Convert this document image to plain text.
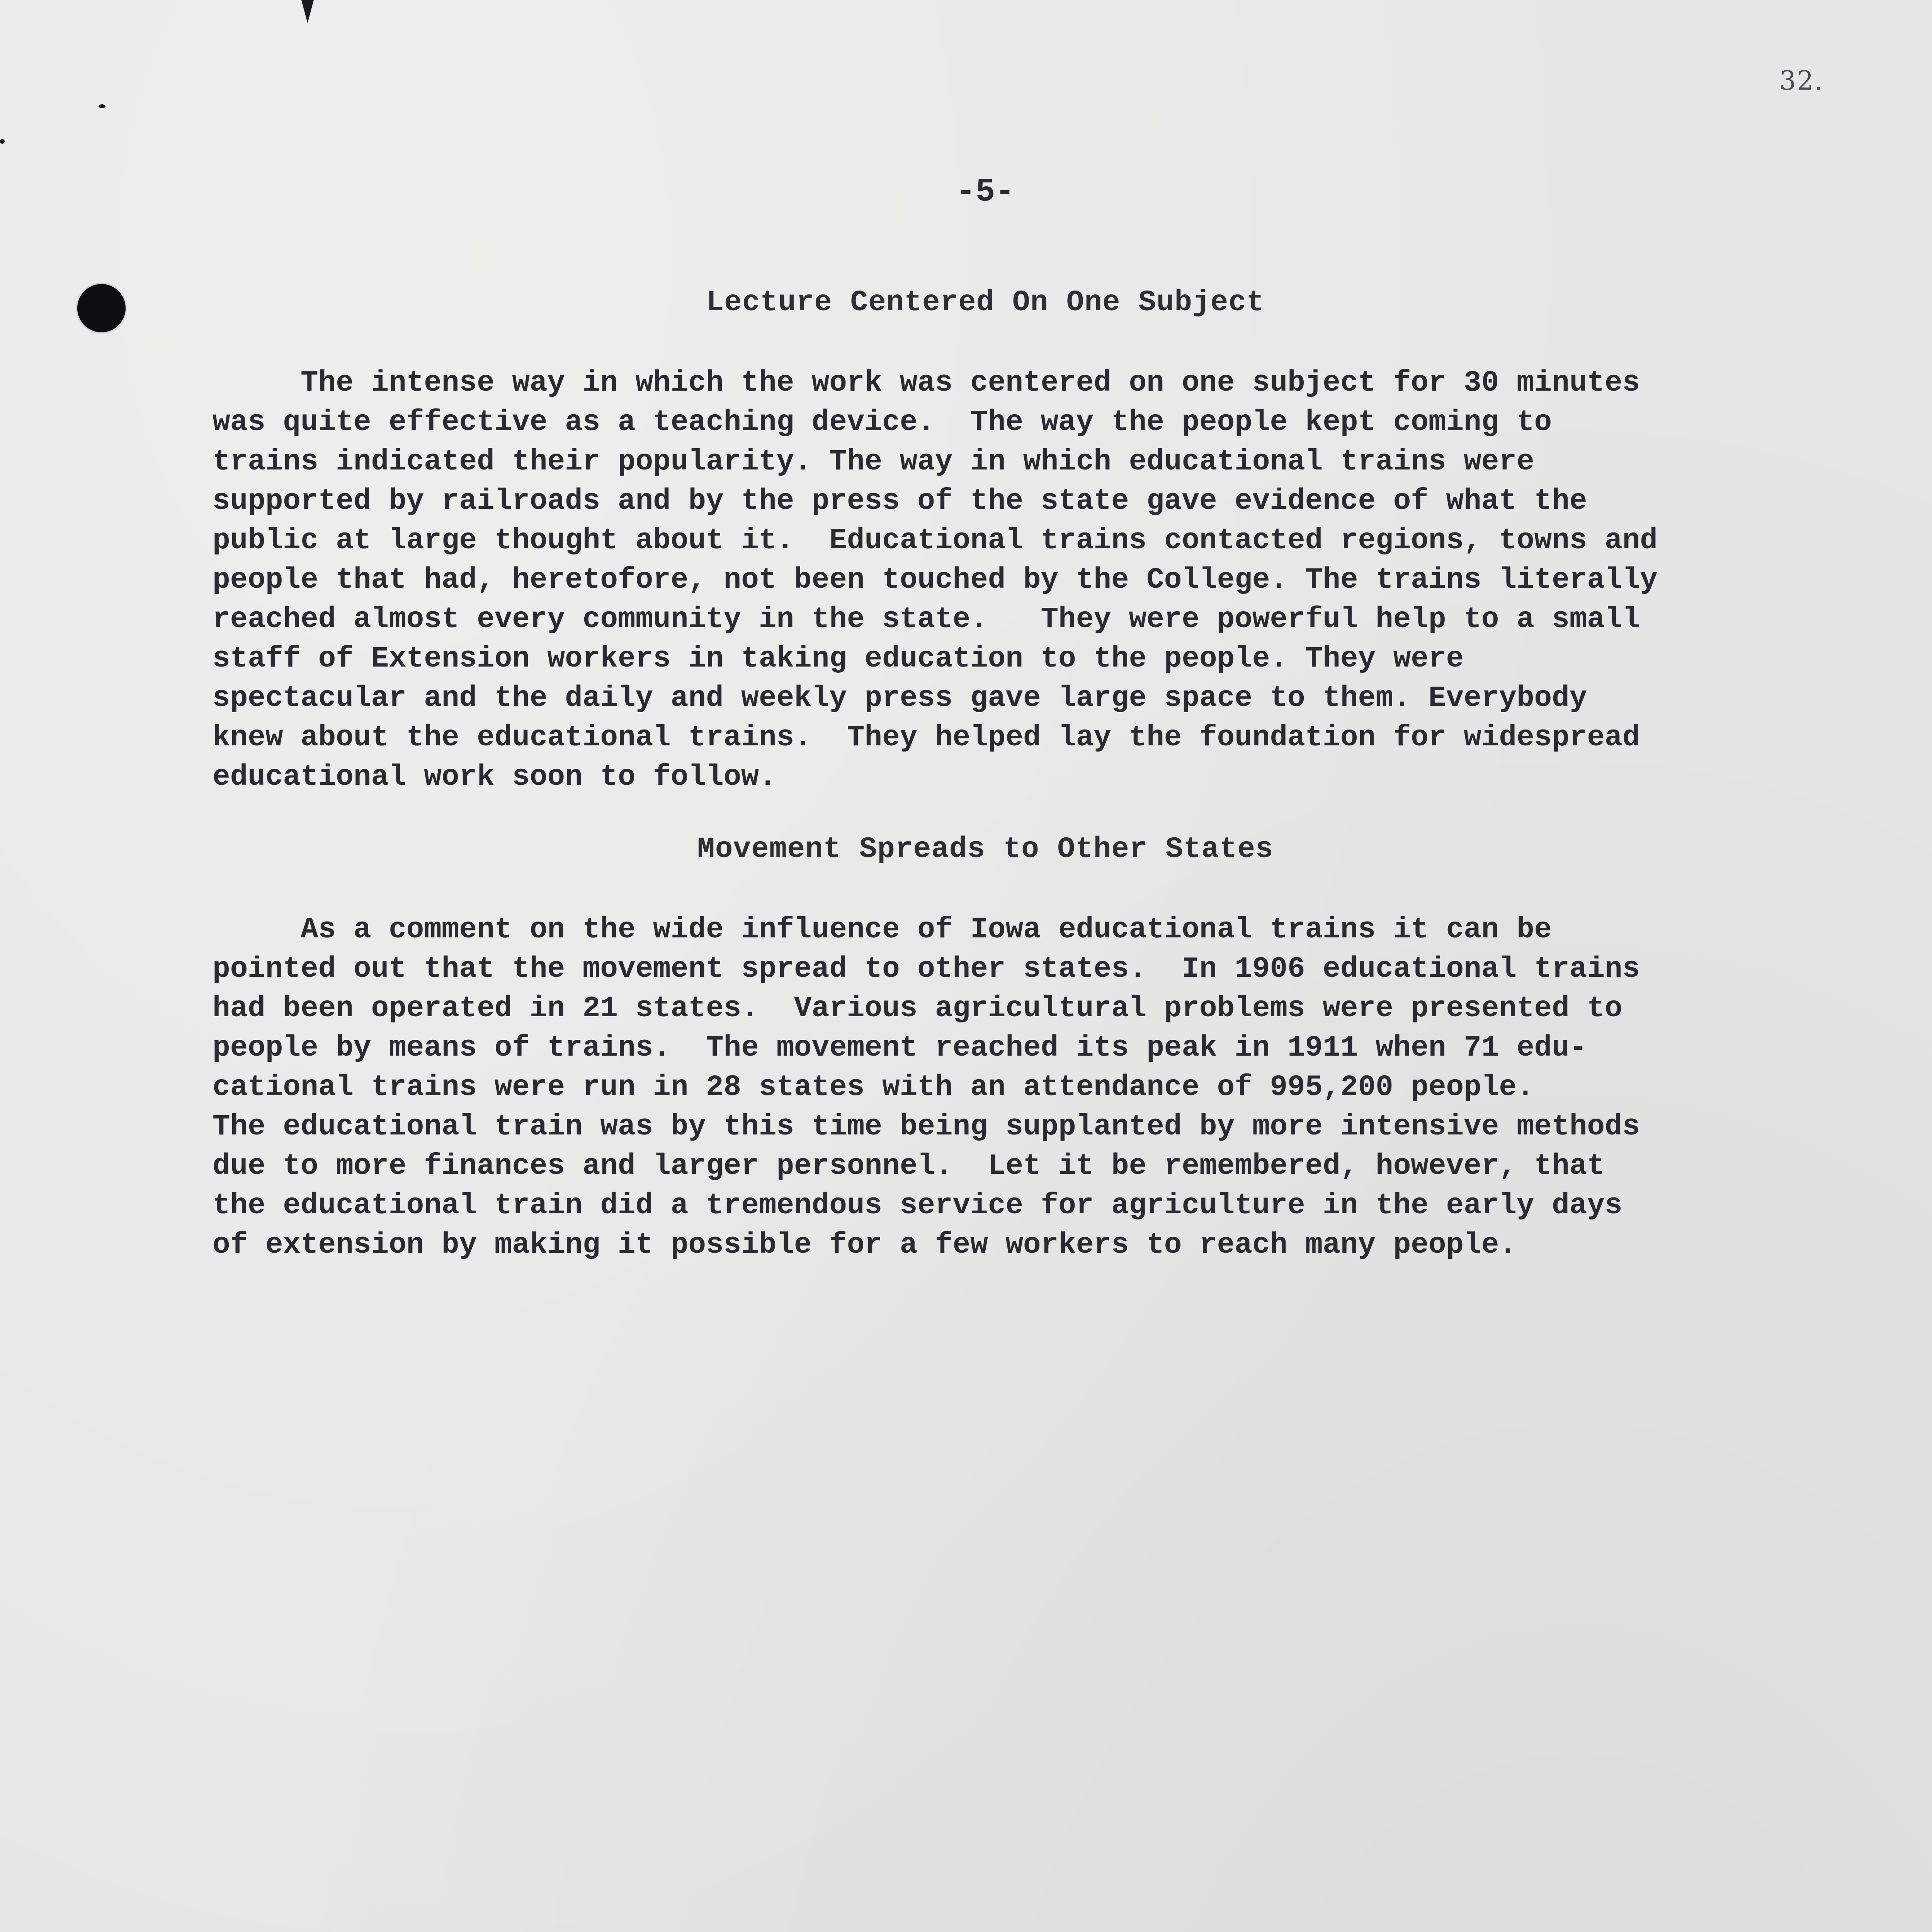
32.
-5-
Lecture Centered On One Subject
The intense way in which the work was centered on one subject for 30 minutes
was quite effective as a teaching device.  The way the people kept coming to
trains indicated their popularity. The way in which educational trains were
supported by railroads and by the press of the state gave evidence of what the
public at large thought about it.  Educational trains contacted regions, towns and
people that had, heretofore, not been touched by the College. The trains literally
reached almost every community in the state.   They were powerful help to a small
staff of Extension workers in taking education to the people. They were
spectacular and the daily and weekly press gave large space to them. Everybody
knew about the educational trains.  They helped lay the foundation for widespread
educational work soon to follow.
Movement Spreads to Other States
As a comment on the wide influence of Iowa educational trains it can be
pointed out that the movement spread to other states.  In 1906 educational trains
had been operated in 21 states.  Various agricultural problems were presented to
people by means of trains.  The movement reached its peak in 1911 when 71 edu-
cational trains were run in 28 states with an attendance of 995,200 people.
The educational train was by this time being supplanted by more intensive methods
due to more finances and larger personnel.  Let it be remembered, however, that
the educational train did a tremendous service for agriculture in the early days
of extension by making it possible for a few workers to reach many people.
